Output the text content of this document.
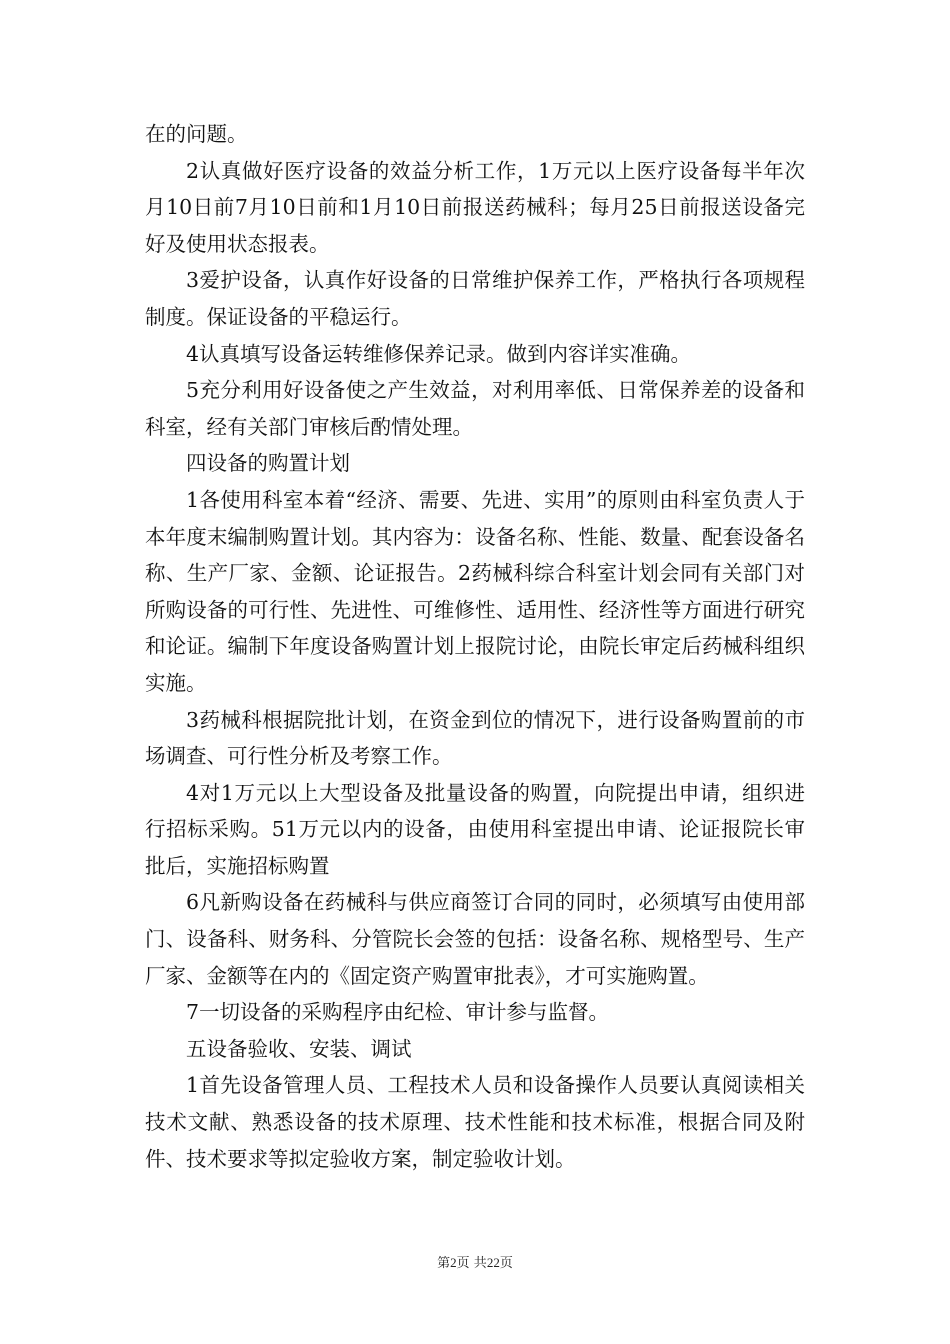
在的问题。

2认真做好医疗设备的效益分析工作，1万元以上医疗设备每半年次月10日前7月10日前和1月10日前报送药械科；每月25日前报送设备完好及使用状态报表。

3爱护设备，认真作好设备的日常维护保养工作，严格执行各项规程制度。保证设备的平稳运行。

4认真填写设备运转维修保养记录。做到内容详实准确。

5充分利用好设备使之产生效益，对利用率低、日常保养差的设备和科室，经有关部门审核后酌情处理。

四设备的购置计划

1各使用科室本着“经济、需要、先进、实用”的原则由科室负责人于本年度末编制购置计划。其内容为：设备名称、性能、数量、配套设备名称、生产厂家、金额、论证报告。2药械科综合科室计划会同有关部门对所购设备的可行性、先进性、可维修性、适用性、经济性等方面进行研究和论证。编制下年度设备购置计划上报院讨论，由院长审定后药械科组织实施。

3药械科根据院批计划，在资金到位的情况下，进行设备购置前的市场调查、可行性分析及考察工作。

4对1万元以上大型设备及批量设备的购置，向院提出申请，组织进行招标采购。51万元以内的设备，由使用科室提出申请、论证报院长审批后，实施招标购置

6凡新购设备在药械科与供应商签订合同的同时，必须填写由使用部门、设备科、财务科、分管院长会签的包括：设备名称、规格型号、生产厂家、金额等在内的《固定资产购置审批表》，才可实施购置。

7一切设备的采购程序由纪检、审计参与监督。

五设备验收、安装、调试

1首先设备管理人员、工程技术人员和设备操作人员要认真阅读相关技术文献、熟悉设备的技术原理、技术性能和技术标准，根据合同及附件、技术要求等拟定验收方案，制定验收计划。

第2页 共22页
